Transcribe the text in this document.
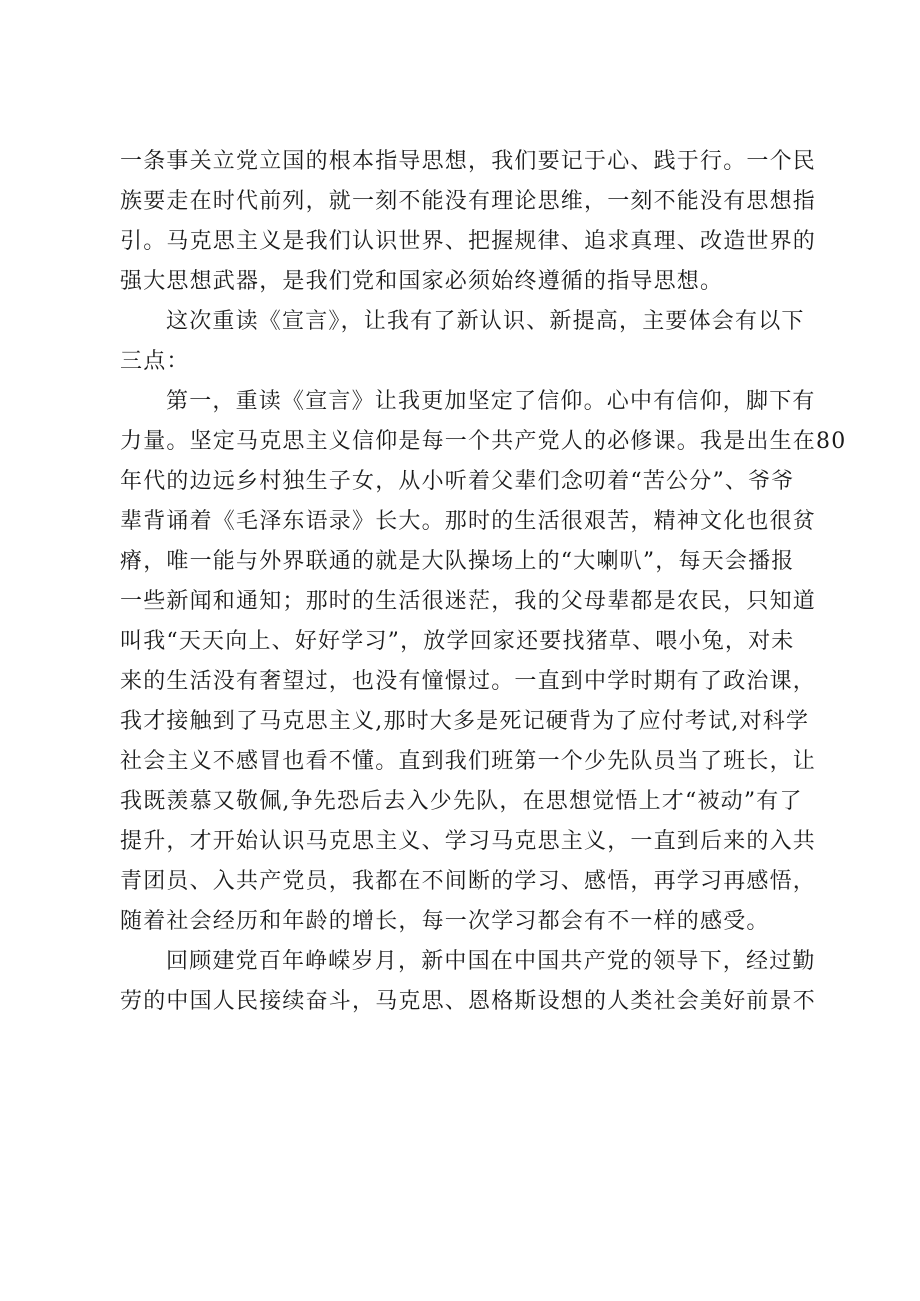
一条事关立党立国的根本指导思想，我们要记于心、践于行。一个民
族要走在时代前列，就一刻不能没有理论思维，一刻不能没有思想指
引。马克思主义是我们认识世界、把握规律、追求真理、改造世界的
强大思想武器，是我们党和国家必须始终遵循的指导思想。
这次重读《宣言》，让我有了新认识、新提高，主要体会有以下
三点：
第一，重读《宣言》让我更加坚定了信仰。心中有信仰，脚下有
力量。坚定马克思主义信仰是每一个共产党人的必修课。我是出生在80
年代的边远乡村独生子女，从小听着父辈们念叨着“苦公分”、爷爷
辈背诵着《毛泽东语录》长大。那时的生活很艰苦，精神文化也很贫
瘠，唯一能与外界联通的就是大队操场上的“大喇叭”，每天会播报
一些新闻和通知；那时的生活很迷茫，我的父母辈都是农民，只知道
叫我“天天向上、好好学习”，放学回家还要找猪草、喂小兔，对未
来的生活没有奢望过，也没有憧憬过。一直到中学时期有了政治课，
我才接触到了马克思主义,那时大多是死记硬背为了应付考试,对科学
社会主义不感冒也看不懂。直到我们班第一个少先队员当了班长，让
我既羡慕又敬佩,争先恐后去入少先队，在思想觉悟上才“被动”有了
提升，才开始认识马克思主义、学习马克思主义，一直到后来的入共
青团员、入共产党员，我都在不间断的学习、感悟，再学习再感悟，
随着社会经历和年龄的增长，每一次学习都会有不一样的感受。
回顾建党百年峥嵘岁月，新中国在中国共产党的领导下，经过勤
劳的中国人民接续奋斗，马克思、恩格斯设想的人类社会美好前景不
